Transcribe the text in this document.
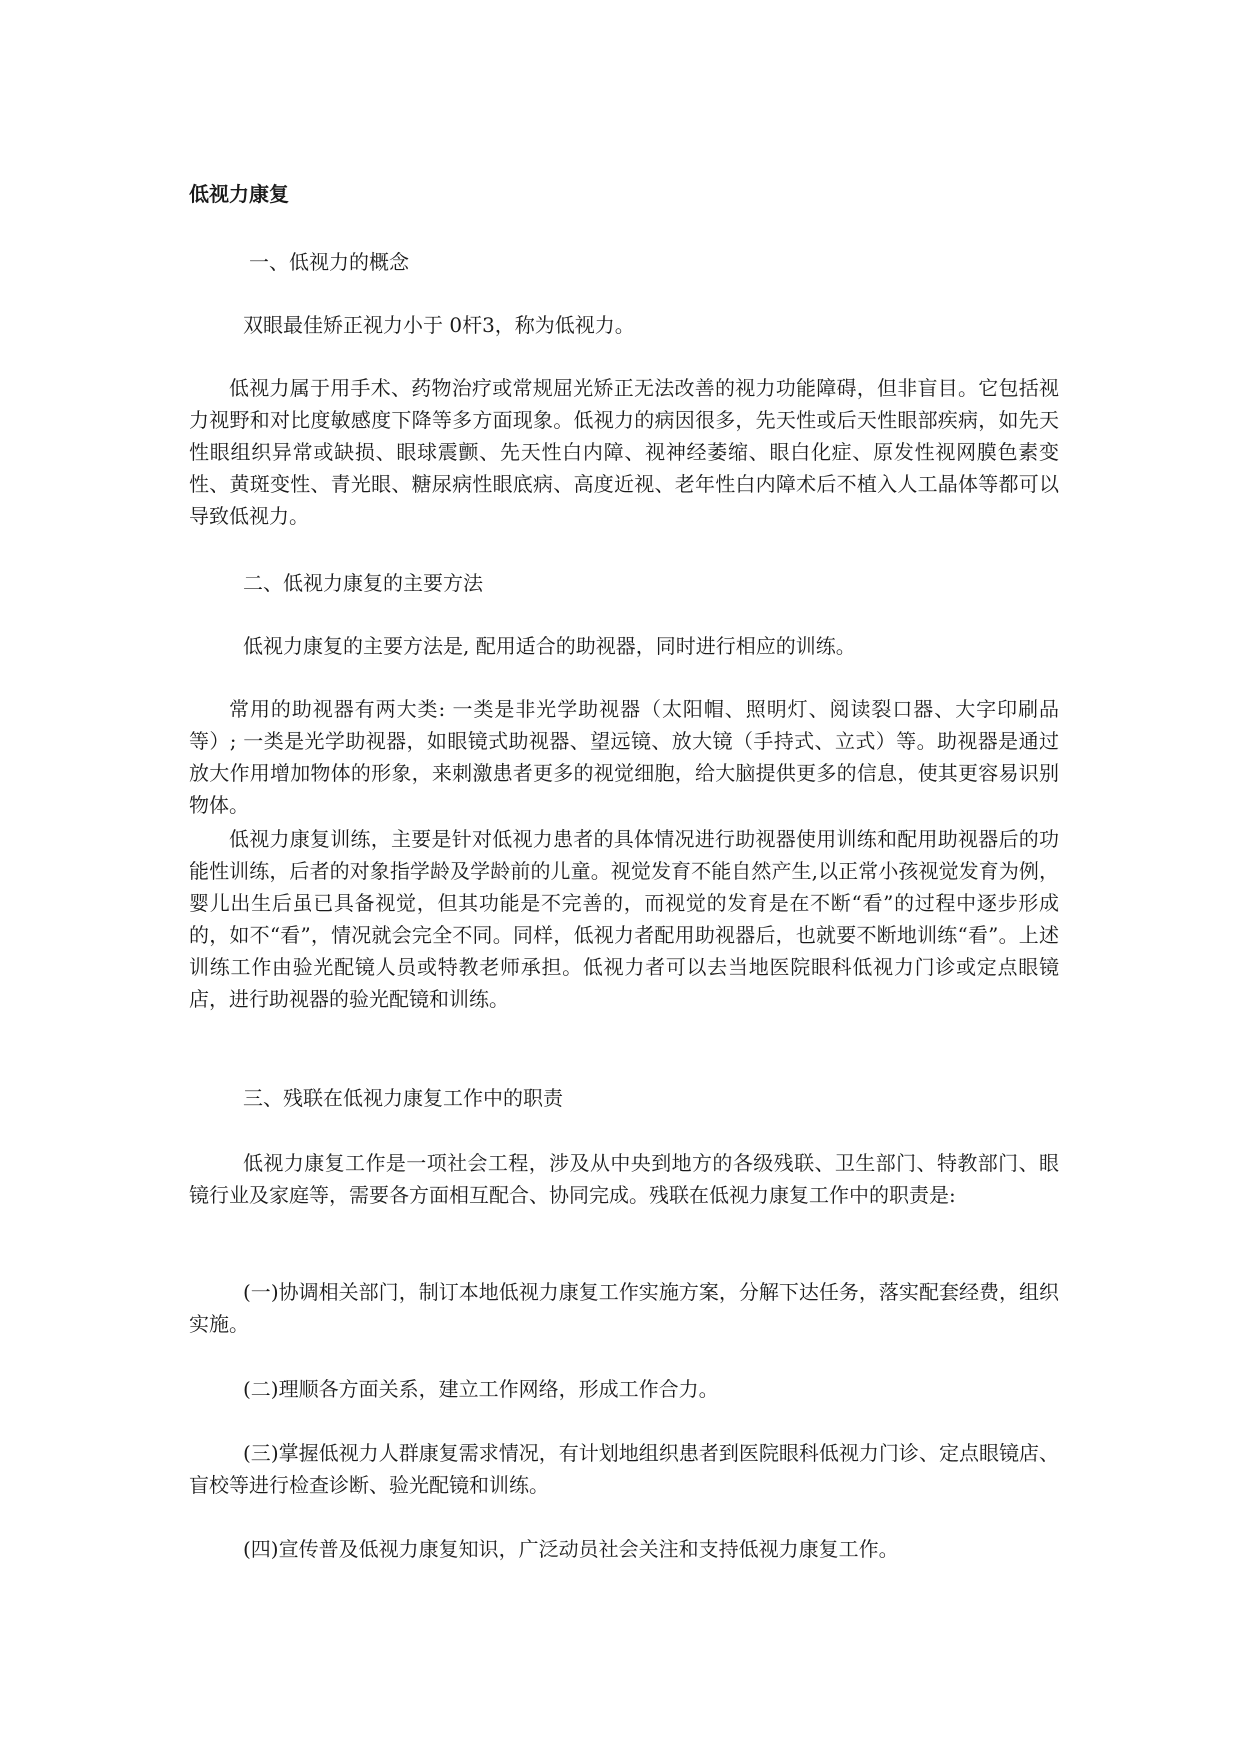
低视力康复

一、低视力的概念

双眼最佳矫正视力小于 0杆3，称为低视力。

低视力属于用手术、药物治疗或常规屈光矫正无法改善的视力功能障碍，但非盲目。它包括视力视野和对比度敏感度下降等多方面现象。低视力的病因很多，先天性或后天性眼部疾病，如先天性眼组织异常或缺损、眼球震颤、先天性白内障、视神经萎缩、眼白化症、原发性视网膜色素变性、黄斑变性、青光眼、糖尿病性眼底病、高度近视、老年性白内障术后不植入人工晶体等都可以导致低视力。

二、低视力康复的主要方法

低视力康复的主要方法是, 配用适合的助视器，同时进行相应的训练。

常用的助视器有两大类: 一类是非光学助视器（太阳帽、照明灯、阅读裂口器、大字印刷品等）; 一类是光学助视器，如眼镜式助视器、望远镜、放大镜（手持式、立式）等。助视器是通过放大作用增加物体的形象，来刺激患者更多的视觉细胞，给大脑提供更多的信息，使其更容易识别物体。

低视力康复训练，主要是针对低视力患者的具体情况进行助视器使用训练和配用助视器后的功能性训练，后者的对象指学龄及学龄前的儿童。视觉发育不能自然产生,以正常小孩视觉发育为例，婴儿出生后虽已具备视觉，但其功能是不完善的，而视觉的发育是在不断“看”的过程中逐步形成的，如不“看”，情况就会完全不同。同样，低视力者配用助视器后，也就要不断地训练“看”。上述训练工作由验光配镜人员或特教老师承担。低视力者可以去当地医院眼科低视力门诊或定点眼镜店，进行助视器的验光配镜和训练。

三、残联在低视力康复工作中的职责

低视力康复工作是一项社会工程，涉及从中央到地方的各级残联、卫生部门、特教部门、眼镜行业及家庭等，需要各方面相互配合、协同完成。残联在低视力康复工作中的职责是:

(一)协调相关部门，制订本地低视力康复工作实施方案，分解下达任务，落实配套经费，组织实施。

(二)理顺各方面关系，建立工作网络，形成工作合力。

(三)掌握低视力人群康复需求情况，有计划地组织患者到医院眼科低视力门诊、定点眼镜店、盲校等进行检查诊断、验光配镜和训练。

(四)宣传普及低视力康复知识，广泛动员社会关注和支持低视力康复工作。
